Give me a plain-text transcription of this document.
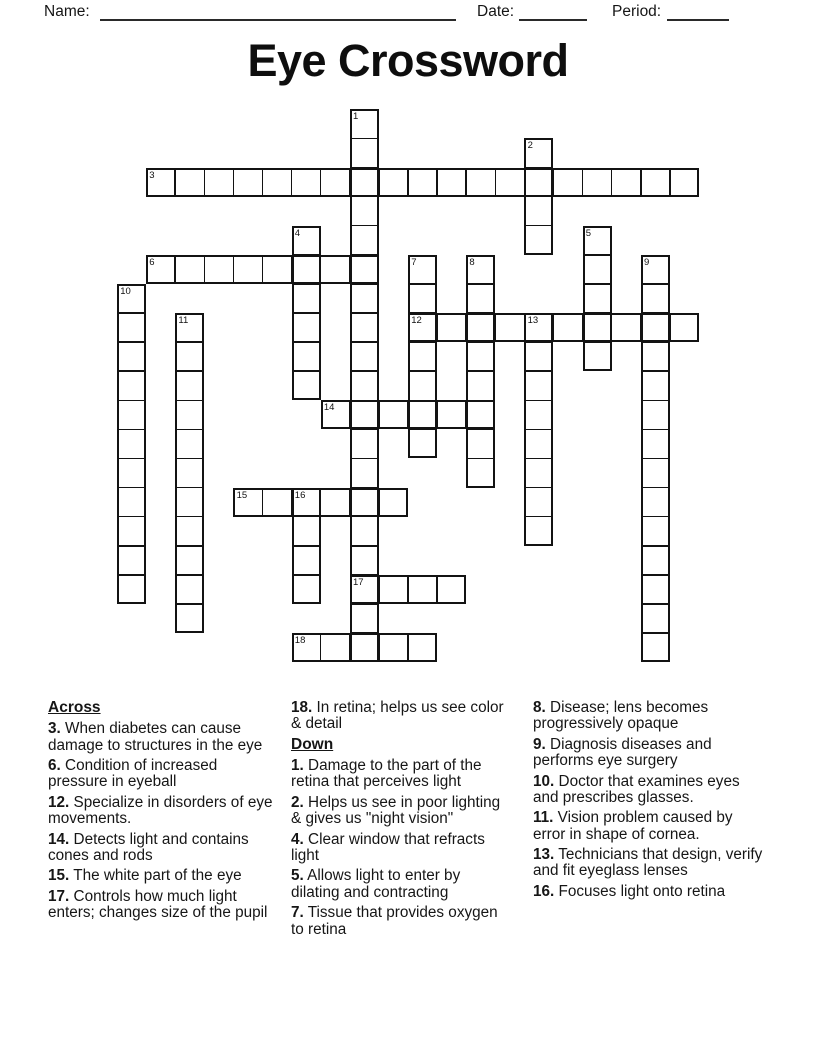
Name:	Date:	Period:
Eye Crossword
3
6
12
14
15
17
18
1
2
4	5
7	8	9
10
11	13
16
Across

3. When diabetes can cause damage to structures in the eye

6. Condition of increased pressure in eyeball

12. Specialize in disorders of eye movements.

14. Detects light and contains cones and rods

15. The white part of the eye

17. Controls how much light enters; changes size of the pupil

18. In retina; helps us see color & detail

Down

1. Damage to the part of the retina that perceives light

2. Helps us see in poor lighting & gives us "night vision"

4. Clear window that refracts light

5. Allows light to enter by dilating and contracting

7. Tissue that provides oxygen to retina

8. Disease; lens becomes progressively opaque

9. Diagnosis diseases and performs eye surgery

10. Doctor that examines eyes and prescribes glasses.

11. Vision problem caused by error in shape of cornea.

13. Technicians that design, verify and fit eyeglass lenses

16. Focuses light onto retina
